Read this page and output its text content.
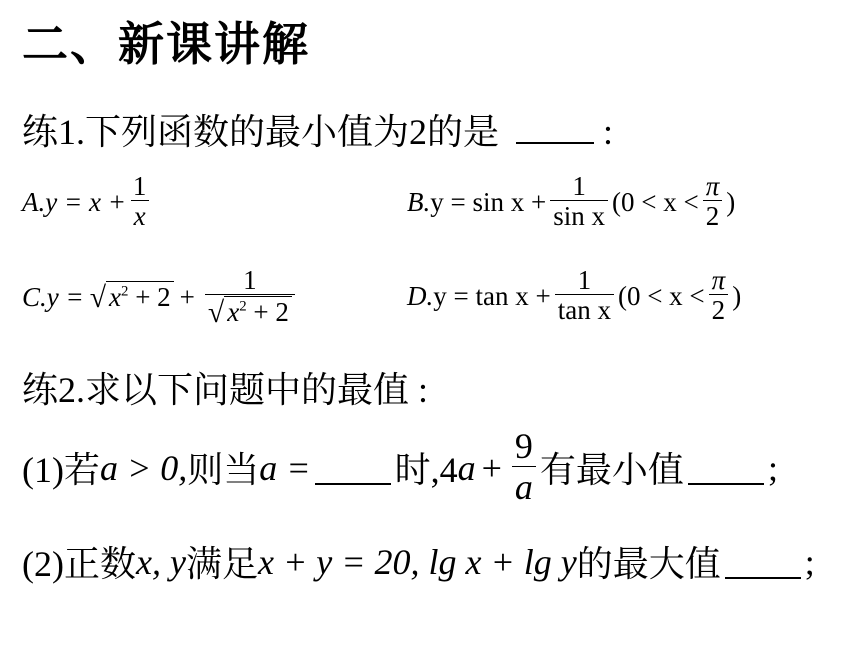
二、新课讲解
练1.下列函数的最小值为2的是	:
A. $y = x + \frac{1}{x}$	B. $y = \sin x + \frac{1}{\text{sin x}} (0 < x < \frac{\pi}{2}$ )
C. y = √ $x^2 + 2 + \frac{1}{√ x^2 + 2}$	D. $y = \tan x + \frac{1}{\text{tan x}} (0 < x < \frac{\pi}{2}$ )
练2.求以下问题中的最值 :
(1)若 a > 0, 则当 a = 时,4 $a + \frac{9}{a}$ 有最小值 ;
(2)正数 x, y 满足 x + y = 20, lg x + lg y 的最大值 ;
